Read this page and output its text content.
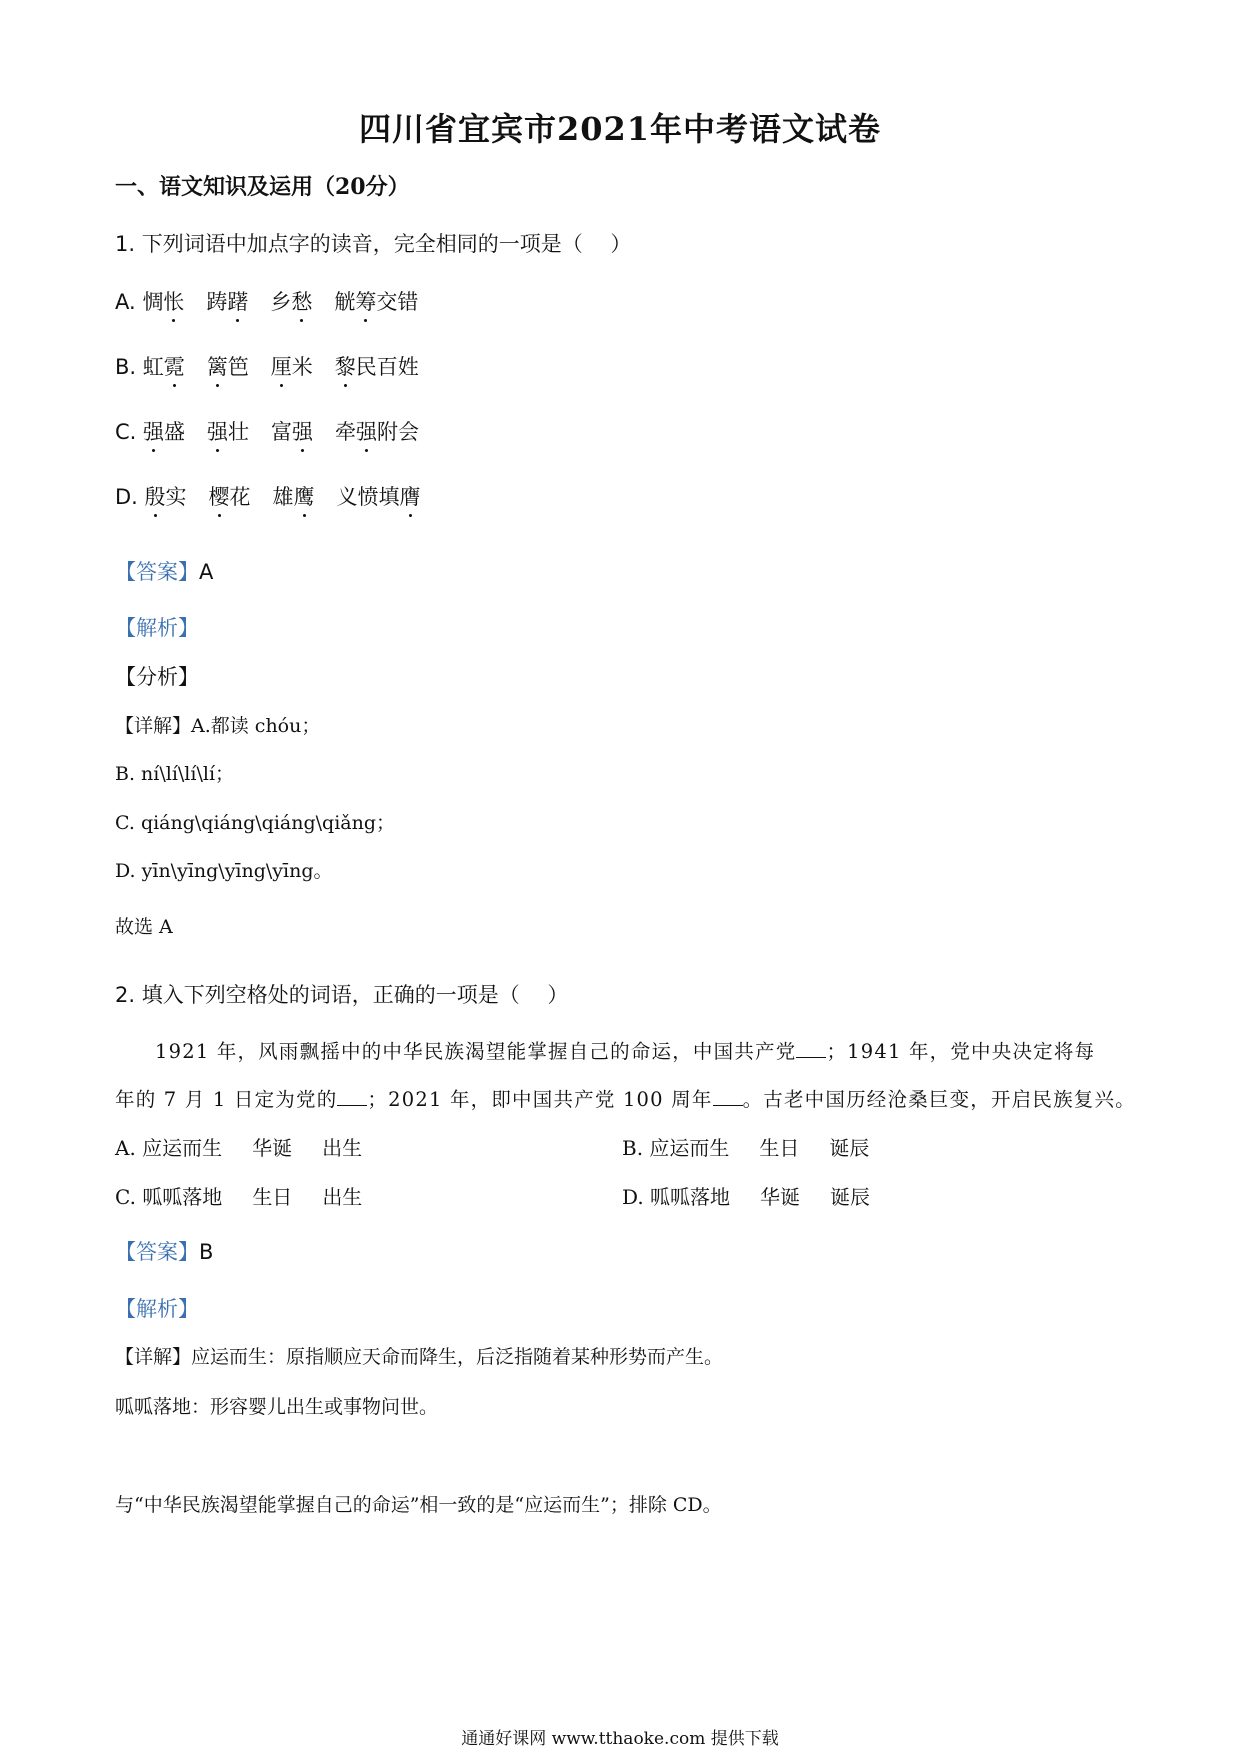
四川省宜宾市2021年中考语文试卷
一、语文知识及运用（20分）
1. 下列词语中加点字的读音，完全相同的一项是（　 ）
A. 惆怅 踌躇 乡愁 觥筹交错
B. 虹霓 篱笆 厘米 黎民百姓
C. 强盛 强壮 富强 牵强附会
D. 殷实 樱花 雄鹰 义愤填膺
【答案】A
【解析】
【分析】
【详解】A.都读 chóu；
B. ní\lí\lí\lí；
C. qiáng\qiáng\qiáng\qiǎng；
D. yīn\yīng\yīng\yīng。
故选 A
2. 填入下列空格处的词语，正确的一项是（　 ）
1921 年，风雨飘摇中的中华民族渴望能掌握自己的命运，中国共产党 ；1941 年，党中央决定将每
年的 7 月 1 日定为党的 ；2021 年，即中国共产党 100 周年 。古老中国历经沧桑巨变，开启民族复兴。
A. 应运而生 华诞 出生	B. 应运而生 生日 诞辰
C. 呱呱落地 生日 出生	D. 呱呱落地 华诞 诞辰
【答案】B
【解析】
【详解】应运而生：原指顺应天命而降生，后泛指随着某种形势而产生。
呱呱落地：形容婴儿出生或事物问世。
与“中华民族渴望能掌握自己的命运”相一致的是“应运而生”；排除 CD。
通通好课网 www.tthaoke.com 提供下载
